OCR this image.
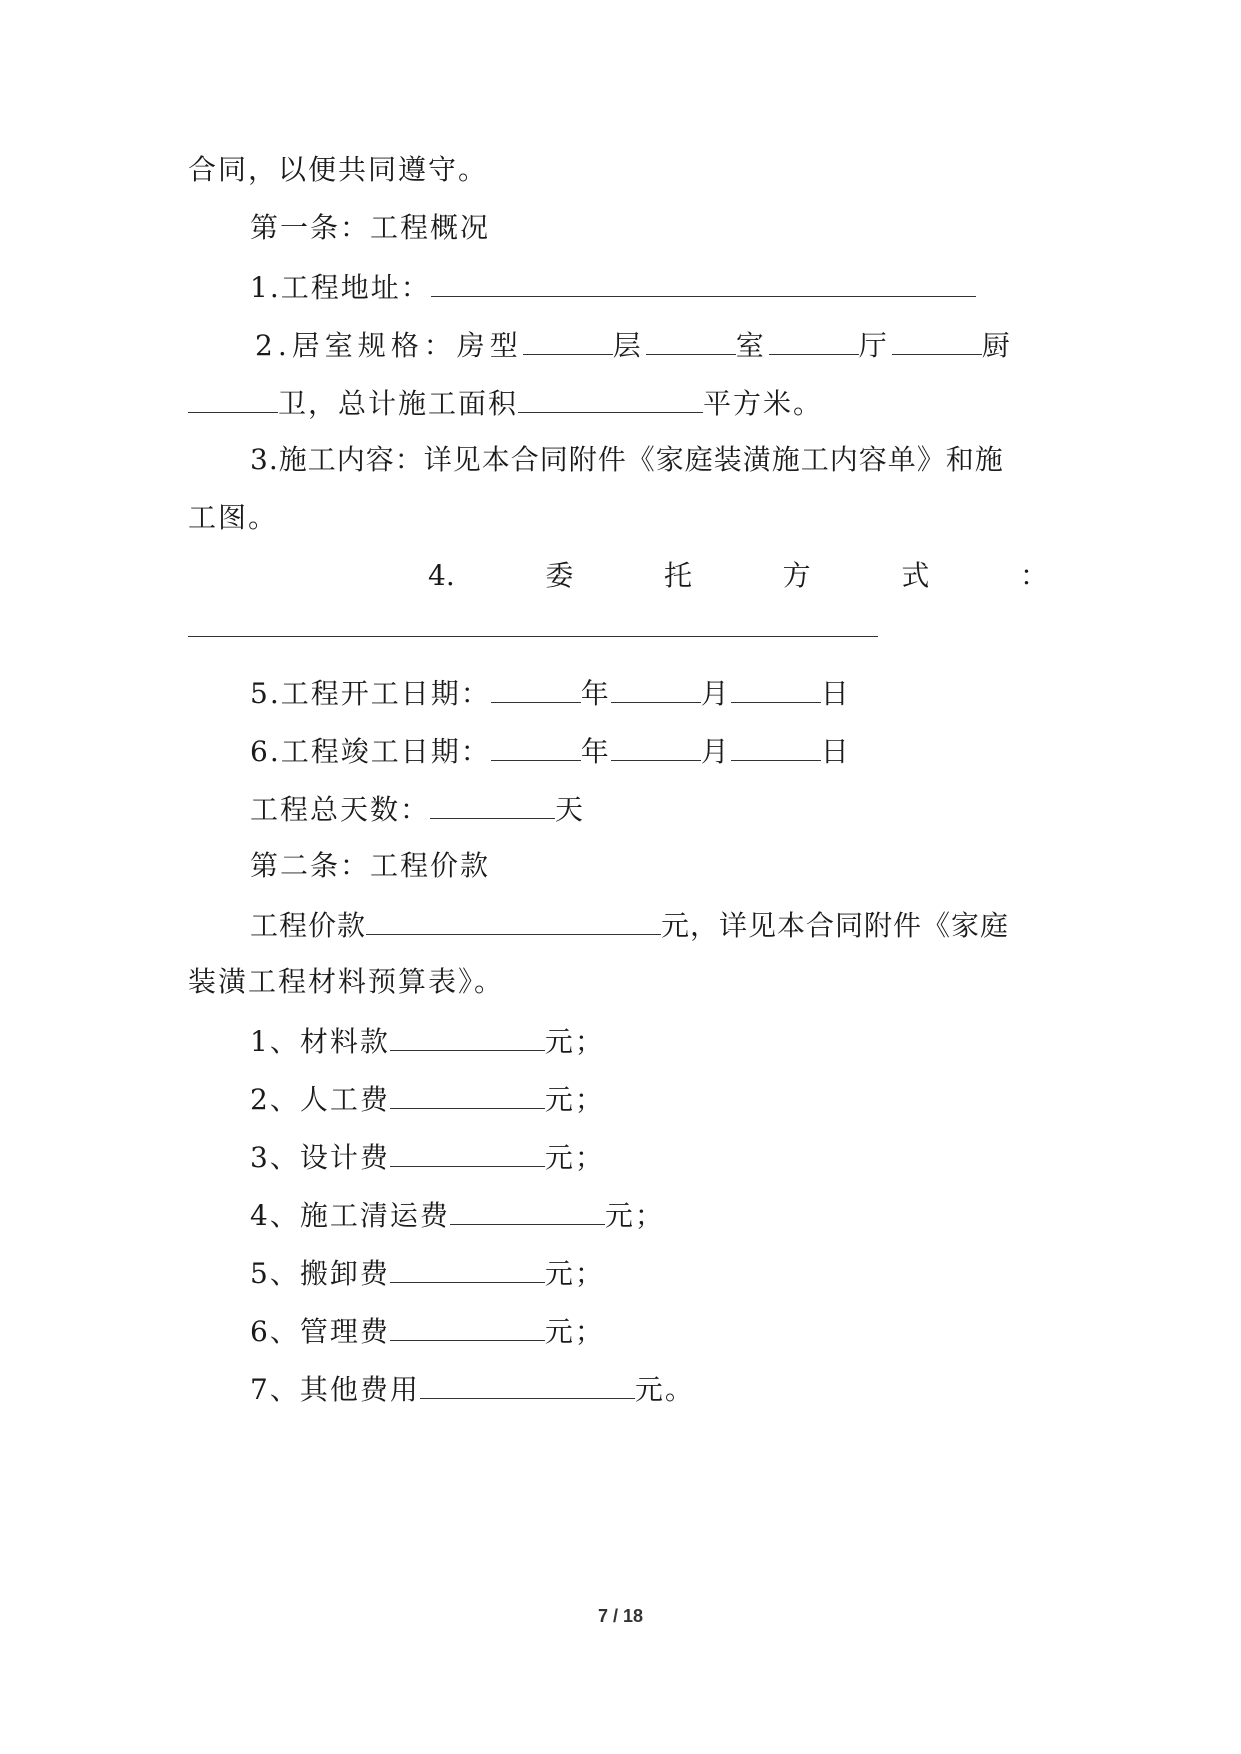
合同，以便共同遵守。
第一条：工程概况
1.工程地址：
2.居室规格：房型	层	室	厅	厨
卫，总计施工面积	平方米。
3.施工内容：详见本合同附件《家庭装潢施工内容单》和施
工图。
4.	委	托	方	式	：
5.工程开工日期：	年	月	日
6.工程竣工日期：	年	月	日
工程总天数：	天
第二条：工程价款
工程价款	元，详见本合同附件《家庭
装潢工程材料预算表》。
1、材料款	元；
2、人工费	元；
3、设计费	元；
4、施工清运费	元；
5、搬卸费	元；
6、管理费	元；
7、其他费用	元。
7 / 18
